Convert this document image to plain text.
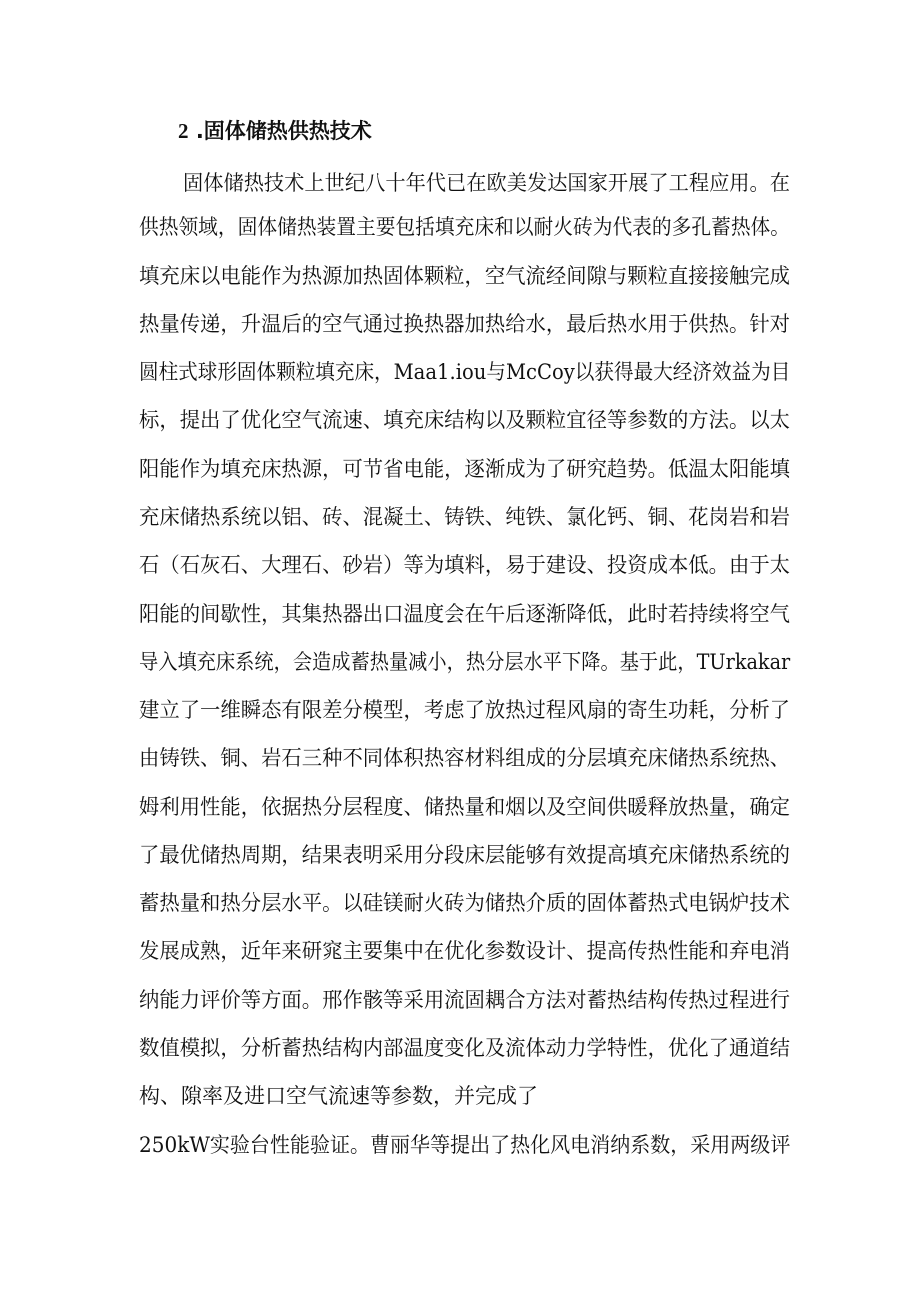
2 .固体储热供热技术
固体储热技术上世纪八十年代已在欧美发达国家开展了工程应用。在
供热领域，固体储热装置主要包括填充床和以耐火砖为代表的多孔蓄热体。
填充床以电能作为热源加热固体颗粒，空气流经间隙与颗粒直接接触完成
热量传递，升温后的空气通过换热器加热给水，最后热水用于供热。针对
圆柱式球形固体颗粒填充床，Maa1.iou与McCoy以获得最大经济效益为目
标，提出了优化空气流速、填充床结构以及颗粒宜径等参数的方法。以太
阳能作为填充床热源，可节省电能，逐渐成为了研究趋势。低温太阳能填
充床储热系统以铝、砖、混凝土、铸铁、纯铁、氯化钙、铜、花岗岩和岩
石（石灰石、大理石、砂岩）等为填料，易于建设、投资成本低。由于太
阳能的间歇性，其集热器出口温度会在午后逐渐降低，此时若持续将空气
导入填充床系统，会造成蓄热量减小，热分层水平下降。基于此，TUrkakar
建立了一维瞬态有限差分模型，考虑了放热过程风扇的寄生功耗，分析了
由铸铁、铜、岩石三种不同体积热容材料组成的分层填充床储热系统热、
姆利用性能，依据热分层程度、储热量和烟以及空间供暖释放热量，确定
了最优储热周期，结果表明采用分段床层能够有效提高填充床储热系统的
蓄热量和热分层水平。以硅镁耐火砖为储热介质的固体蓄热式电锅炉技术
发展成熟，近年来研窕主要集中在优化参数设计、提高传热性能和弃电消
纳能力评价等方面。邢作骸等采用流固耦合方法对蓄热结构传热过程进行
数值模拟，分析蓄热结构内部温度变化及流体动力学特性，优化了通道结
构、隙率及进口空气流速等参数，并完成了
250kW实验台性能验证。曹丽华等提出了热化风电消纳系数，采用两级评
